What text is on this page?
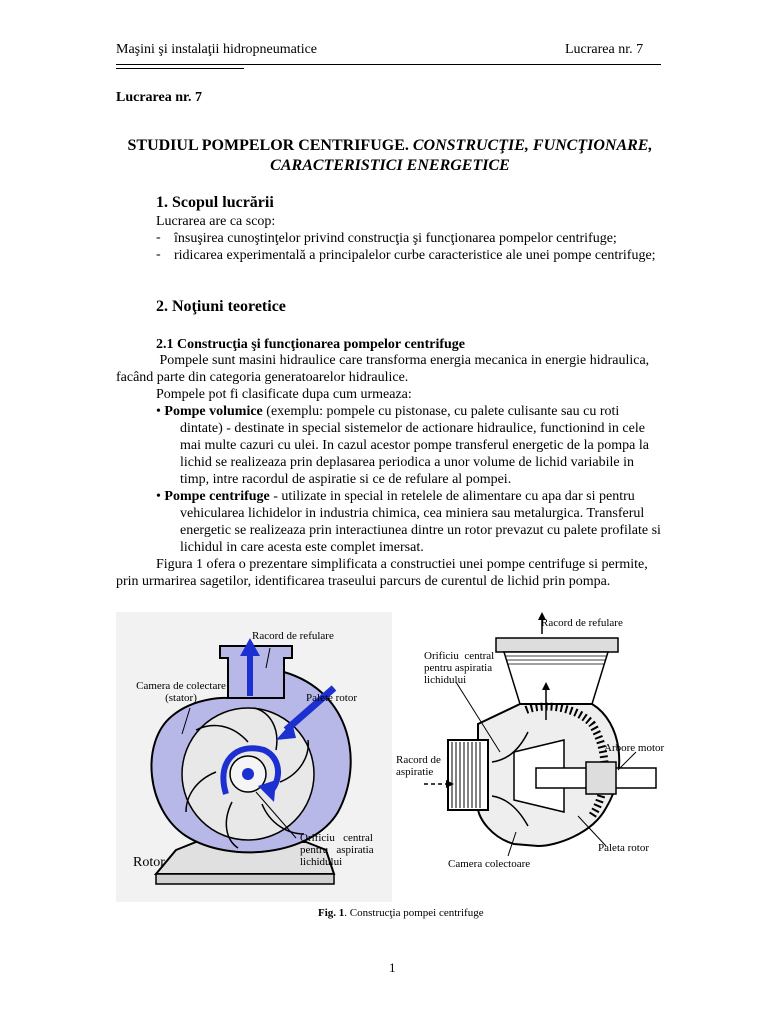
Maşini şi instalaţii hidropneumatice	Lucrarea nr. 7
Lucrarea nr. 7
STUDIUL POMPELOR CENTRIFUGE. CONSTRUCŢIE, FUNCŢIONARE,
CARACTERISTICI ENERGETICE
1. Scopul lucrării
Lucrarea are ca scop:
- însuşirea cunoştinţelor privind construcţia şi funcţionarea pompelor centrifuge;
- ridicarea experimentală a principalelor curbe caracteristice ale unei pompe centrifuge;
2. Noţiuni teoretice
2.1 Construcţia şi funcţionarea pompelor centrifuge
Pompele sunt masini hidraulice care transforma energia mecanica in energie hidraulica,
facând parte din categoria generatoarelor hidraulice.
Pompele pot fi clasificate dupa cum urmeaza:
• Pompe volumice (exemplu: pompele cu pistonase, cu palete culisante sau cu roti
dintate) - destinate in special sistemelor de actionare hidraulice, functionind in cele
mai multe cazuri cu ulei. In cazul acestor pompe transferul energetic de la pompa la
lichid se realizeaza prin deplasarea periodica a unor volume de lichid variabile in
timp, intre racordul de aspiratie si ce de refulare al pompei.
• Pompe centrifuge - utilizate in special in retelele de alimentare cu apa dar si pentru
vehicularea lichidelor in industria chimica, cea miniera sau metalurgica. Transferul
energetic se realizeaza prin interactiunea dintre un rotor prevazut cu palete profilate si
lichidul in care acesta este complet imersat.
Figura 1 ofera o prezentare simplificata a constructiei unei pompe centrifuge si permite,
prin urmarirea sagetilor, identificarea traseului parcurs de curentul de lichid prin pompa.
Racord de refulare
Camera de colectare
(stator)	Palete rotor
Rotor
Orificiu   central
pentru   aspiratia
lichidului
Racord de refulare
Orificiu  central
pentru aspiratia
lichidului
Arbore motor
Racord de
aspiratie
Paleta rotor
Camera colectoare
Fig. 1. Construcţia pompei centrifuge
1
